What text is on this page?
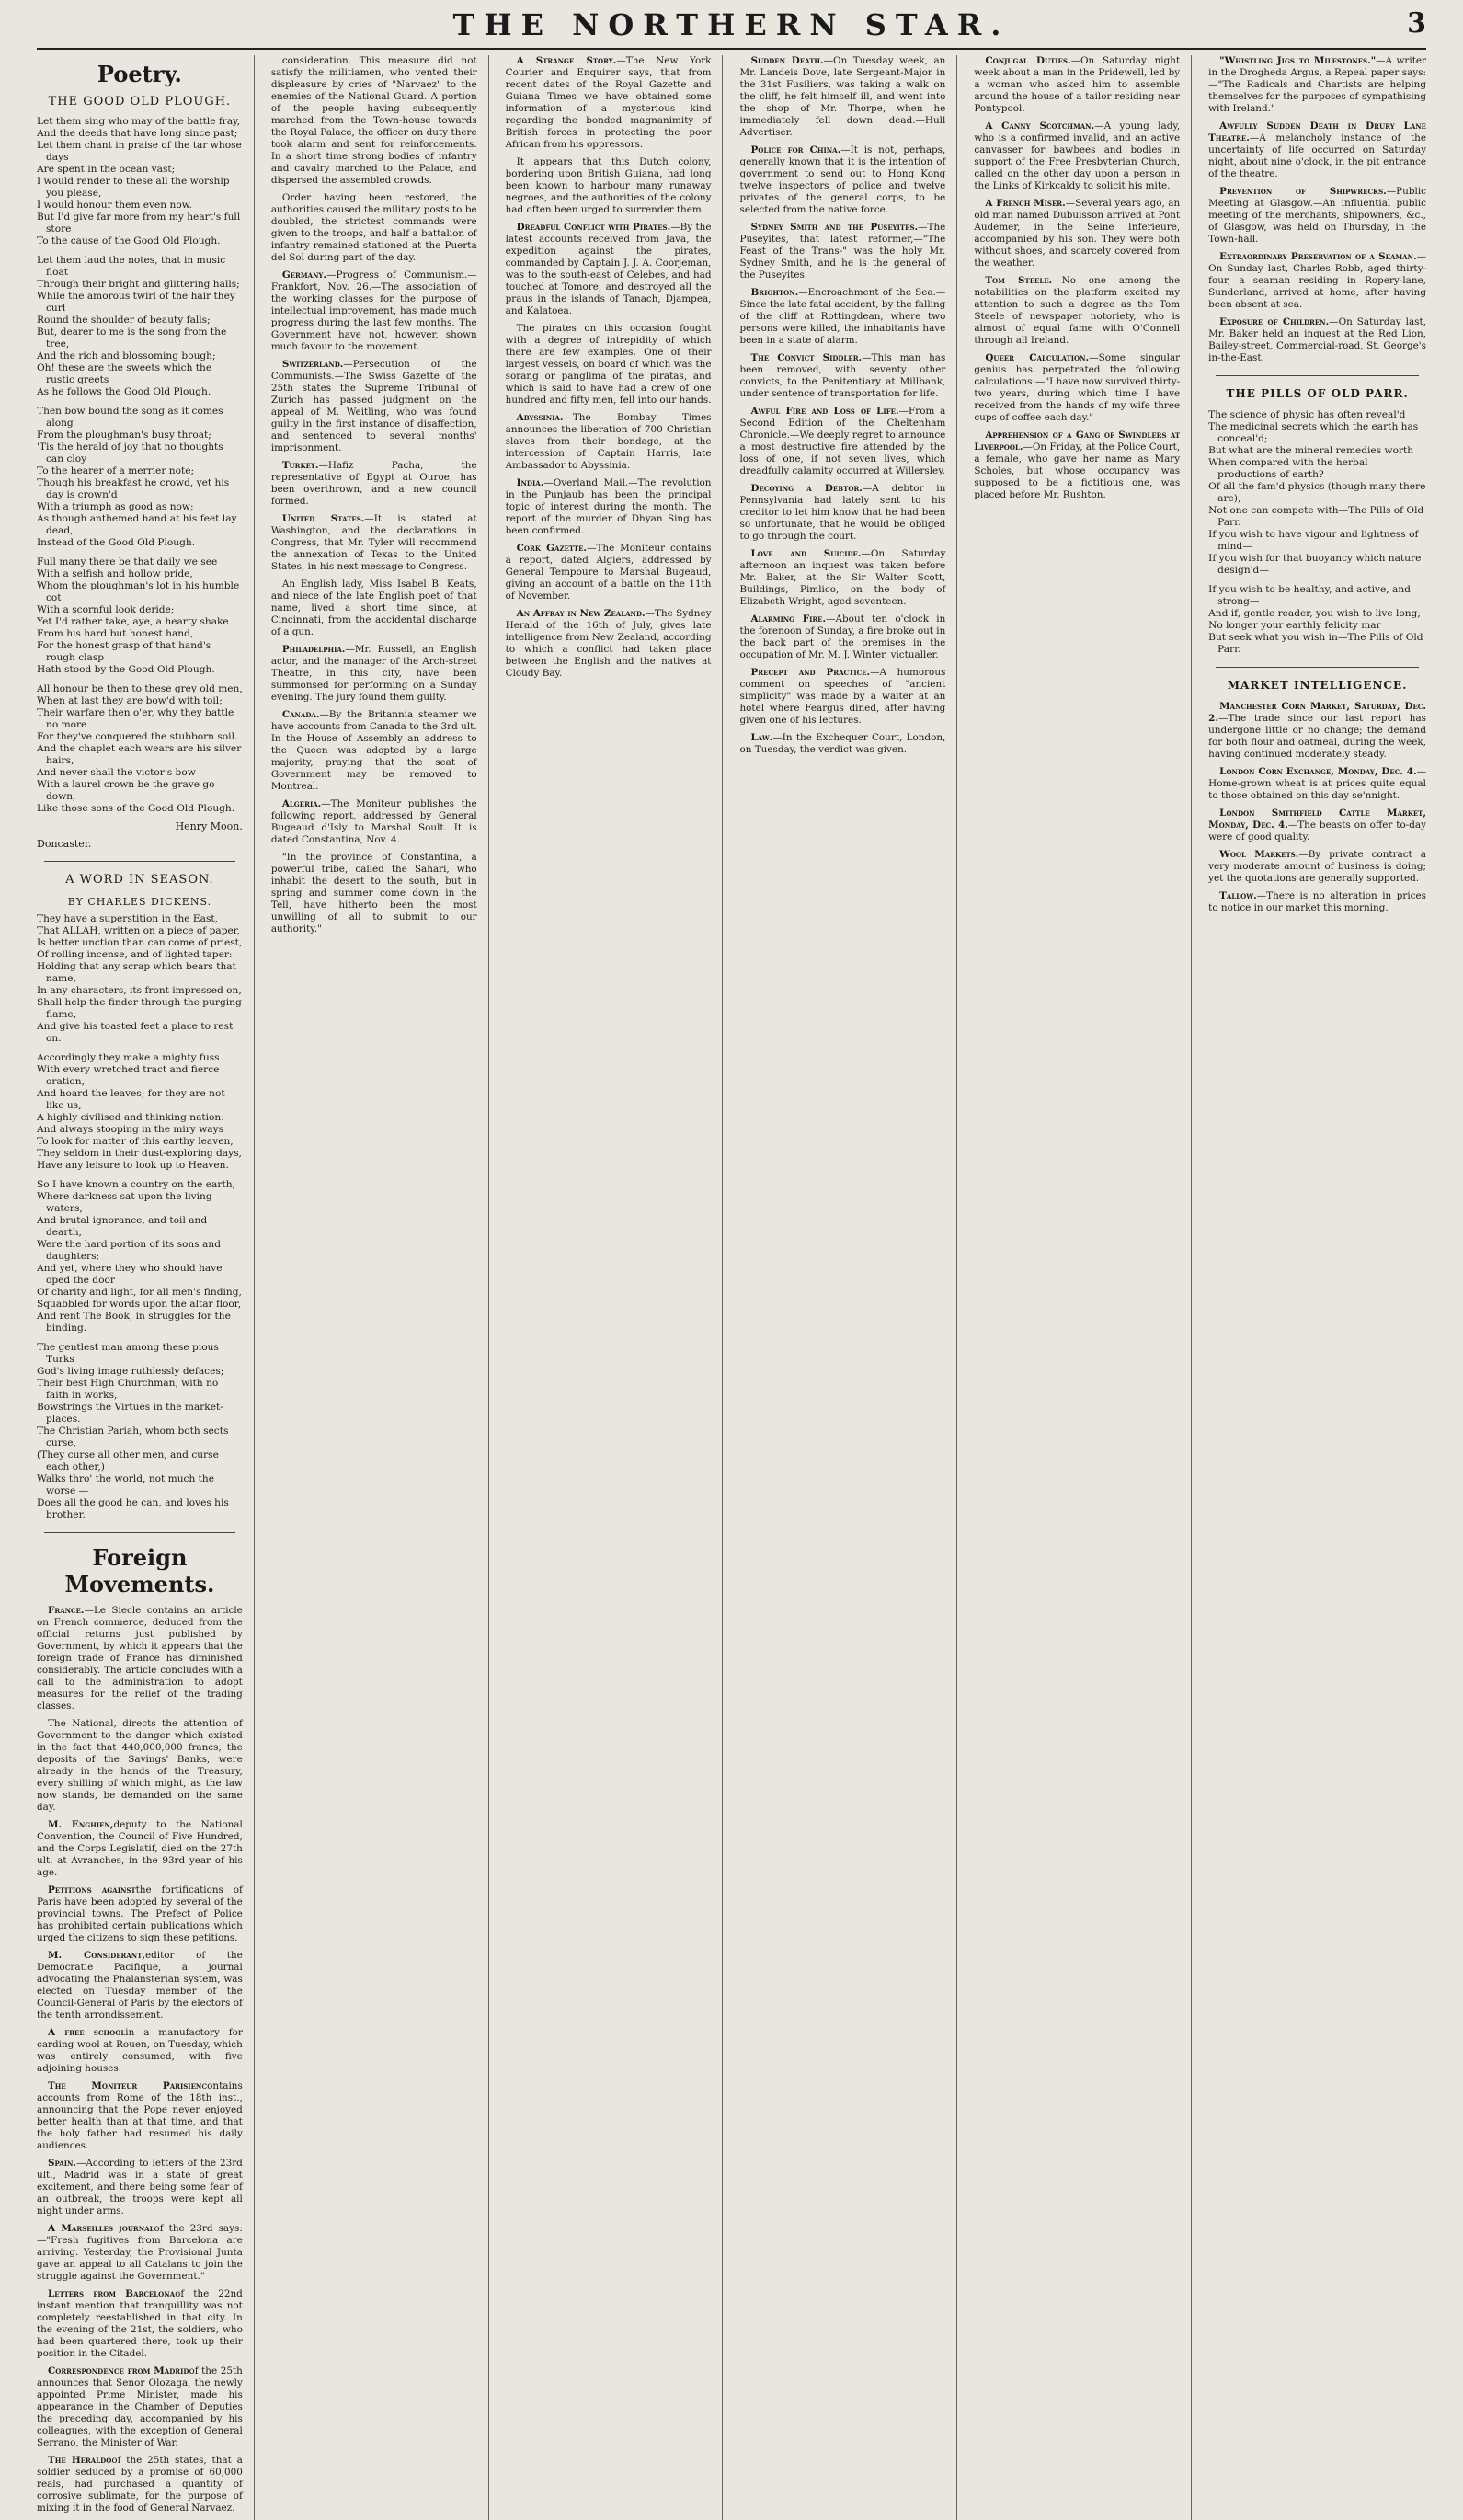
THE NORTHERN STAR.	3
Poetry.
THE GOOD OLD PLOUGH.

Let them sing who may of the battle fray,

And the deeds that have long since past;

Let them chant in praise of the tar whose days

Are spent in the ocean vast;

I would render to these all the worship you please,

I would honour them even now.

But I'd give far more from my heart's full store

To the cause of the Good Old Plough.

Let them laud the notes, that in music float

Through their bright and glittering halls;

While the amorous twirl of the hair they curl

Round the shoulder of beauty falls;

But, dearer to me is the song from the tree,

And the rich and blossoming bough;

Oh! these are the sweets which the rustic greets

As he follows the Good Old Plough.

Then bow bound the song as it comes along

From the ploughman's busy throat;

'Tis the herald of joy that no thoughts can cloy

To the hearer of a merrier note;

Though his breakfast he crowd, yet his day is crown'd

With a triumph as good as now;

As though anthemed hand at his feet lay dead,

Instead of the Good Old Plough.

Full many there be that daily we see

With a selfish and hollow pride,

Whom the ploughman's lot in his humble cot

With a scornful look deride;

Yet I'd rather take, aye, a hearty shake

From his hard but honest hand,

For the honest grasp of that hand's rough clasp

Hath stood by the Good Old Plough.

All honour be then to these grey old men,

When at last they are bow'd with toil;

Their warfare then o'er, why they battle no more

For they've conquered the stubborn soil.

And the chaplet each wears are his silver hairs,

And never shall the victor's bow

With a laurel crown be the grave go down,

Like those sons of the Good Old Plough.

Henry Moon.
Doncaster.
A WORD IN SEASON.
BY CHARLES DICKENS.

They have a superstition in the East,

That ALLAH, written on a piece of paper,

Is better unction than can come of priest,

Of rolling incense, and of lighted taper:

Holding that any scrap which bears that name,

In any characters, its front impressed on,

Shall help the finder through the purging flame,

And give his toasted feet a place to rest on.

Accordingly they make a mighty fuss

With every wretched tract and fierce oration,

And hoard the leaves; for they are not like us,

A highly civilised and thinking nation:

And always stooping in the miry ways

To look for matter of this earthy leaven,

They seldom in their dust-exploring days,

Have any leisure to look up to Heaven.

So I have known a country on the earth,

Where darkness sat upon the living waters,

And brutal ignorance, and toil and dearth,

Were the hard portion of its sons and daughters;

And yet, where they who should have oped the door

Of charity and light, for all men's finding,

Squabbled for words upon the altar floor,

And rent The Book, in struggles for the binding.

The gentlest man among these pious Turks

God's living image ruthlessly defaces;

Their best High Churchman, with no faith in works,

Bowstrings the Virtues in the market-places.

The Christian Pariah, whom both sects curse,

(They curse all other men, and curse each other,)

Walks thro' the world, not much the worse —

Does all the good he can, and loves his brother.

Foreign Movements.

France.—Le Siecle contains an article on French commerce, deduced from the official returns just published by Government, by which it appears that the foreign trade of France has diminished considerably. The article concludes with a call to the administration to adopt measures for the relief of the trading classes.

The National, directs the attention of Government to the danger which existed in the fact that 440,000,000 francs, the deposits of the Savings' Banks, were already in the hands of the Treasury, every shilling of which might, as the law now stands, be demanded on the same day.

M. Enghien,deputy to the National Convention, the Council of Five Hundred, and the Corps Legislatif, died on the 27th ult. at Avranches, in the 93rd year of his age.

Petitions againstthe fortifications of Paris have been adopted by several of the provincial towns. The Prefect of Police has prohibited certain publications which urged the citizens to sign these petitions.

M. Considerant,editor of the Democratie Pacifique, a journal advocating the Phalansterian system, was elected on Tuesday member of the Council-General of Paris by the electors of the tenth arrondissement.

A free schoolin a manufactory for carding wool at Rouen, on Tuesday, which was entirely consumed, with five adjoining houses.

The Moniteur Parisiencontains accounts from Rome of the 18th inst., announcing that the Pope never enjoyed better health than at that time, and that the holy father had resumed his daily audiences.

Spain.—According to letters of the 23rd ult., Madrid was in a state of great excitement, and there being some fear of an outbreak, the troops were kept all night under arms.

A Marseilles journalof the 23rd says:—"Fresh fugitives from Barcelona are arriving. Yesterday, the Provisional Junta gave an appeal to all Catalans to join the struggle against the Government."

Letters from Barcelonaof the 22nd instant mention that tranquillity was not completely reestablished in that city. In the evening of the 21st, the soldiers, who had been quartered there, took up their position in the Citadel.

Correspondence from Madridof the 25th announces that Senor Olozaga, the newly appointed Prime Minister, made his appearance in the Chamber of Deputies the preceding day, accompanied by his colleagues, with the exception of General Serrano, the Minister of War.

The Heraldoof the 25th states, that a soldier seduced by a promise of 60,000 reals, had purchased a quantity of corrosive sublimate, for the purpose of mixing it in the food of General Narvaez.

consideration. This measure did not satisfy the militiamen, who vented their displeasure by cries of "Narvaez" to the enemies of the National Guard. A portion of the people having subsequently marched from the Town-house towards the Royal Palace, the officer on duty there took alarm and sent for reinforcements. In a short time strong bodies of infantry and cavalry marched to the Palace, and dispersed the assembled crowds.

Order having been restored, the authorities caused the military posts to be doubled, the strictest commands were given to the troops, and half a battalion of infantry remained stationed at the Puerta del Sol during part of the day.

Germany.—Progress of Communism.—Frankfort, Nov. 26.—The association of the working classes for the purpose of intellectual improvement, has made much progress during the last few months. The Government have not, however, shown much favour to the movement.

Switzerland.—Persecution of the Communists.—The Swiss Gazette of the 25th states the Supreme Tribunal of Zurich has passed judgment on the appeal of M. Weitling, who was found guilty in the first instance of disaffection, and sentenced to several months' imprisonment.

Turkey.—Hafiz Pacha, the representative of Egypt at Ouroe, has been overthrown, and a new council formed.

United States.—It is stated at Washington, and the declarations in Congress, that Mr. Tyler will recommend the annexation of Texas to the United States, in his next message to Congress.

An English lady, Miss Isabel B. Keats, and niece of the late English poet of that name, lived a short time since, at Cincinnati, from the accidental discharge of a gun.

Philadelphia.—Mr. Russell, an English actor, and the manager of the Arch-street Theatre, in this city, have been summonsed for performing on a Sunday evening. The jury found them guilty.

Canada.—By the Britannia steamer we have accounts from Canada to the 3rd ult. In the House of Assembly an address to the Queen was adopted by a large majority, praying that the seat of Government may be removed to Montreal.

Algeria.—The Moniteur publishes the following report, addressed by General Bugeaud d'Isly to Marshal Soult. It is dated Constantina, Nov. 4.

"In the province of Constantina, a powerful tribe, called the Sahari, who inhabit the desert to the south, but in spring and summer come down in the Tell, have hitherto been the most unwilling of all to submit to our authority."

A Strange Story.—The New York Courier and Enquirer says, that from recent dates of the Royal Gazette and Guiana Times we have obtained some information of a mysterious kind regarding the bonded magnanimity of British forces in protecting the poor African from his oppressors.

It appears that this Dutch colony, bordering upon British Guiana, had long been known to harbour many runaway negroes, and the authorities of the colony had often been urged to surrender them.

Dreadful Conflict with Pirates.—By the latest accounts received from Java, the expedition against the pirates, commanded by Captain J. J. A. Coorjeman, was to the south-east of Celebes, and had touched at Tomore, and destroyed all the praus in the islands of Tanach, Djampea, and Kalatoea.

The pirates on this occasion fought with a degree of intrepidity of which there are few examples. One of their largest vessels, on board of which was the sorang or panglima of the piratas, and which is said to have had a crew of one hundred and fifty men, fell into our hands.

Abyssinia.—The Bombay Times announces the liberation of 700 Christian slaves from their bondage, at the intercession of Captain Harris, late Ambassador to Abyssinia.

India.—Overland Mail.—The revolution in the Punjaub has been the principal topic of interest during the month. The report of the murder of Dhyan Sing has been confirmed.

Cork Gazette.—The Moniteur contains a report, dated Algiers, addressed by General Tempoure to Marshal Bugeaud, giving an account of a battle on the 11th of November.

An Affray in New Zealand.—The Sydney Herald of the 16th of July, gives late intelligence from New Zealand, according to which a conflict had taken place between the English and the natives at Cloudy Bay.

Sudden Death.—On Tuesday week, an Mr. Landeis Dove, late Sergeant-Major in the 31st Fusiliers, was taking a walk on the cliff, he felt himself ill, and went into the shop of Mr. Thorpe, when he immediately fell down dead.—Hull Advertiser.

Police for China.—It is not, perhaps, generally known that it is the intention of government to send out to Hong Kong twelve inspectors of police and twelve privates of the general corps, to be selected from the native force.

Sydney Smith and the Puseyites.—The Puseyites, that latest reformer,—"The Feast of the Trans-" was the holy Mr. Sydney Smith, and he is the general of the Puseyites.

Brighton.—Encroachment of the Sea.—Since the late fatal accident, by the falling of the cliff at Rottingdean, where two persons were killed, the inhabitants have been in a state of alarm.

The Convict Siddler.—This man has been removed, with seventy other convicts, to the Penitentiary at Millbank, under sentence of transportation for life.

Awful Fire and Loss of Life.—From a Second Edition of the Cheltenham Chronicle.—We deeply regret to announce a most destructive fire attended by the loss of one, if not seven lives, which dreadfully calamity occurred at Willersley.

Decoying a Debtor.—A debtor in Pennsylvania had lately sent to his creditor to let him know that he had been so unfortunate, that he would be obliged to go through the court.

Love and Suicide.—On Saturday afternoon an inquest was taken before Mr. Baker, at the Sir Walter Scott, Buildings, Pimlico, on the body of Elizabeth Wright, aged seventeen.

Alarming Fire.—About ten o'clock in the forenoon of Sunday, a fire broke out in the back part of the premises in the occupation of Mr. M. J. Winter, victualler.

Precept and Practice.—A humorous comment on speeches of "ancient simplicity" was made by a waiter at an hotel where Feargus dined, after having given one of his lectures.

Law.—In the Exchequer Court, London, on Tuesday, the verdict was given.

Conjugal Duties.—On Saturday night week about a man in the Pridewell, led by a woman who asked him to assemble around the house of a tailor residing near Pontypool.

A Canny Scotchman.—A young lady, who is a confirmed invalid, and an active canvasser for bawbees and bodies in support of the Free Presbyterian Church, called on the other day upon a person in the Links of Kirkcaldy to solicit his mite.

A French Miser.—Several years ago, an old man named Dubuisson arrived at Pont Audemer, in the Seine Inferieure, accompanied by his son. They were both without shoes, and scarcely covered from the weather.

Tom Steele.—No one among the notabilities on the platform excited my attention to such a degree as the Tom Steele of newspaper notoriety, who is almost of equal fame with O'Connell through all Ireland.

Queer Calculation.—Some singular genius has perpetrated the following calculations:—"I have now survived thirty-two years, during which time I have received from the hands of my wife three cups of coffee each day."

Apprehension of a Gang of Swindlers at Liverpool.—On Friday, at the Police Court, a female, who gave her name as Mary Scholes, but whose occupancy was supposed to be a fictitious one, was placed before Mr. Rushton.

"Whistling Jigs to Milestones."—A writer in the Drogheda Argus, a Repeal paper says:—"The Radicals and Chartists are helping themselves for the purposes of sympathising with Ireland."

Awfully Sudden Death in Drury Lane Theatre.—A melancholy instance of the uncertainty of life occurred on Saturday night, about nine o'clock, in the pit entrance of the theatre.

Prevention of Shipwrecks.—Public Meeting at Glasgow.—An influential public meeting of the merchants, shipowners, &c., of Glasgow, was held on Thursday, in the Town-hall.

Extraordinary Preservation of a Seaman.—On Sunday last, Charles Robb, aged thirty-four, a seaman residing in Ropery-lane, Sunderland, arrived at home, after having been absent at sea.

Exposure of Children.—On Saturday last, Mr. Baker held an inquest at the Red Lion, Bailey-street, Commercial-road, St. George's in-the-East.

THE PILLS OF OLD PARR.

The science of physic has often reveal'd

The medicinal secrets which the earth has conceal'd;

But what are the mineral remedies worth

When compared with the herbal productions of earth?

Of all the fam'd physics (though many there are),

Not one can compete with—The Pills of Old Parr.

If you wish to have vigour and lightness of mind—

If you wish for that buoyancy which nature design'd—

If you wish to be healthy, and active, and strong—

And if, gentle reader, you wish to live long;

No longer your earthly felicity mar

But seek what you wish in—The Pills of Old Parr.

MARKET INTELLIGENCE.

Manchester Corn Market, Saturday, Dec. 2.—The trade since our last report has undergone little or no change; the demand for both flour and oatmeal, during the week, having continued moderately steady.

London Corn Exchange, Monday, Dec. 4.—Home-grown wheat is at prices quite equal to those obtained on this day se'nnight.

London Smithfield Cattle Market, Monday, Dec. 4.—The beasts on offer to-day were of good quality.

Wool Markets.—By private contract a very moderate amount of business is doing; yet the quotations are generally supported.

Tallow.—There is no alteration in prices to notice in our market this morning.
